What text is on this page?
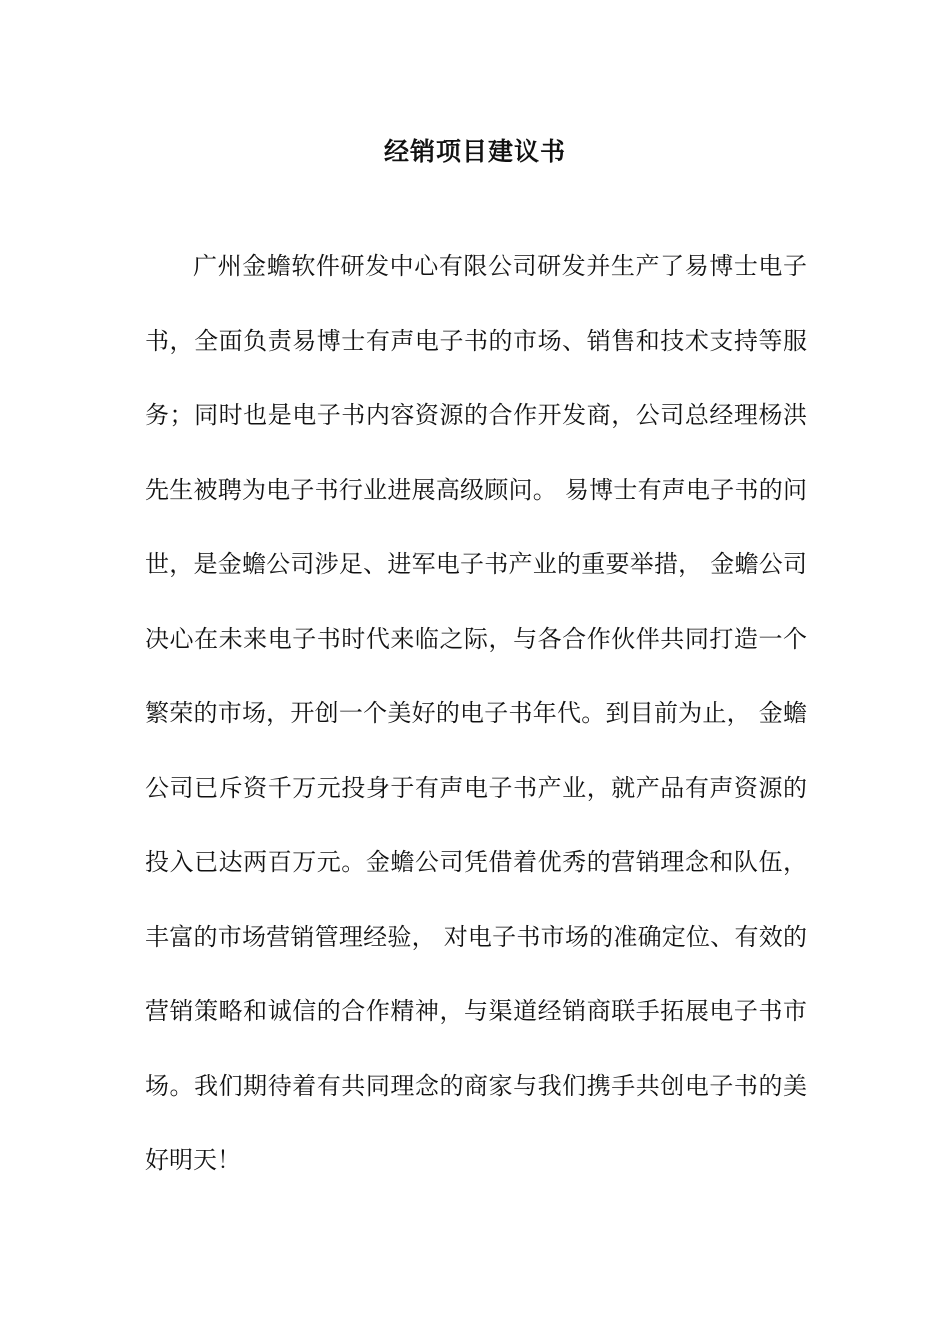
经销项目建议书
广州金蟾软件研发中心有限公司研发并生产了易博士电子
书，全面负责易博士有声电子书的市场、销售和技术支持等服
务；同时也是电子书内容资源的合作开发商，公司总经理杨洪
先生被聘为电子书行业进展高级顾问。 易博士有声电子书的问
世，是金蟾公司涉足、进军电子书产业的重要举措， 金蟾公司
决心在未来电子书时代来临之际，与各合作伙伴共同打造一个
繁荣的市场，开创一个美好的电子书年代。到目前为止， 金蟾
公司已斥资千万元投身于有声电子书产业，就产品有声资源的
投入已达两百万元。金蟾公司凭借着优秀的营销理念和队伍，
丰富的市场营销管理经验， 对电子书市场的准确定位、有效的
营销策略和诚信的合作精神，与渠道经销商联手拓展电子书市
场。我们期待着有共同理念的商家与我们携手共创电子书的美
好明天！
